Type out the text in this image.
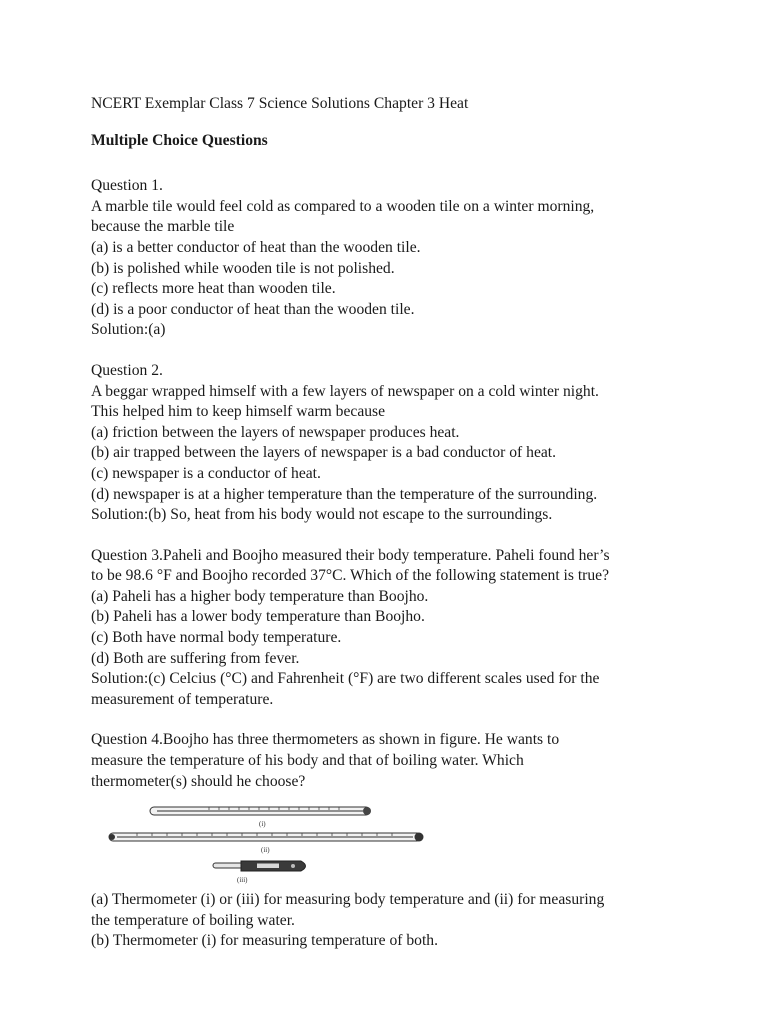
NCERT Exemplar Class 7 Science Solutions Chapter 3 Heat
Multiple Choice Questions
Question 1.
A marble tile would feel cold as compared to a wooden tile on a winter morning,
because the marble tile
(a) is a better conductor of heat than the wooden tile.
(b) is polished while wooden tile is not polished.
(c) reflects more heat than wooden tile.
(d) is a poor conductor of heat than the wooden tile.
Solution:(a)
Question 2.
A beggar wrapped himself with a few layers of newspaper on a cold winter night.
This helped him to keep himself warm because
(a) friction between the layers of newspaper produces heat.
(b) air trapped between the layers of newspaper is a bad conductor of heat.
(c) newspaper is a conductor of heat.
(d) newspaper is at a higher temperature than the temperature of the surrounding.
Solution:(b) So, heat from his body would not escape to the surroundings.
Question 3.Paheli and Boojho measured their body temperature. Paheli found her’s
to be 98.6 °F and Boojho recorded 37°C. Which of the following statement is true?
(a) Paheli has a higher body temperature than Boojho.
(b) Paheli has a lower body temperature than Boojho.
(c) Both have normal body temperature.
(d) Both are suffering from fever.
Solution:(c) Celcius (°C) and Fahrenheit (°F) are two different scales used for the
measurement of temperature.
Question 4.Boojho has three thermometers as shown in figure. He wants to
measure the temperature of his body and that of boiling water. Which
thermometer(s) should he choose?
(i)
(ii)
(iii)
(a) Thermometer (i) or (iii) for measuring body temperature and (ii) for measuring
the temperature of boiling water.
(b) Thermometer (i) for measuring temperature of both.
